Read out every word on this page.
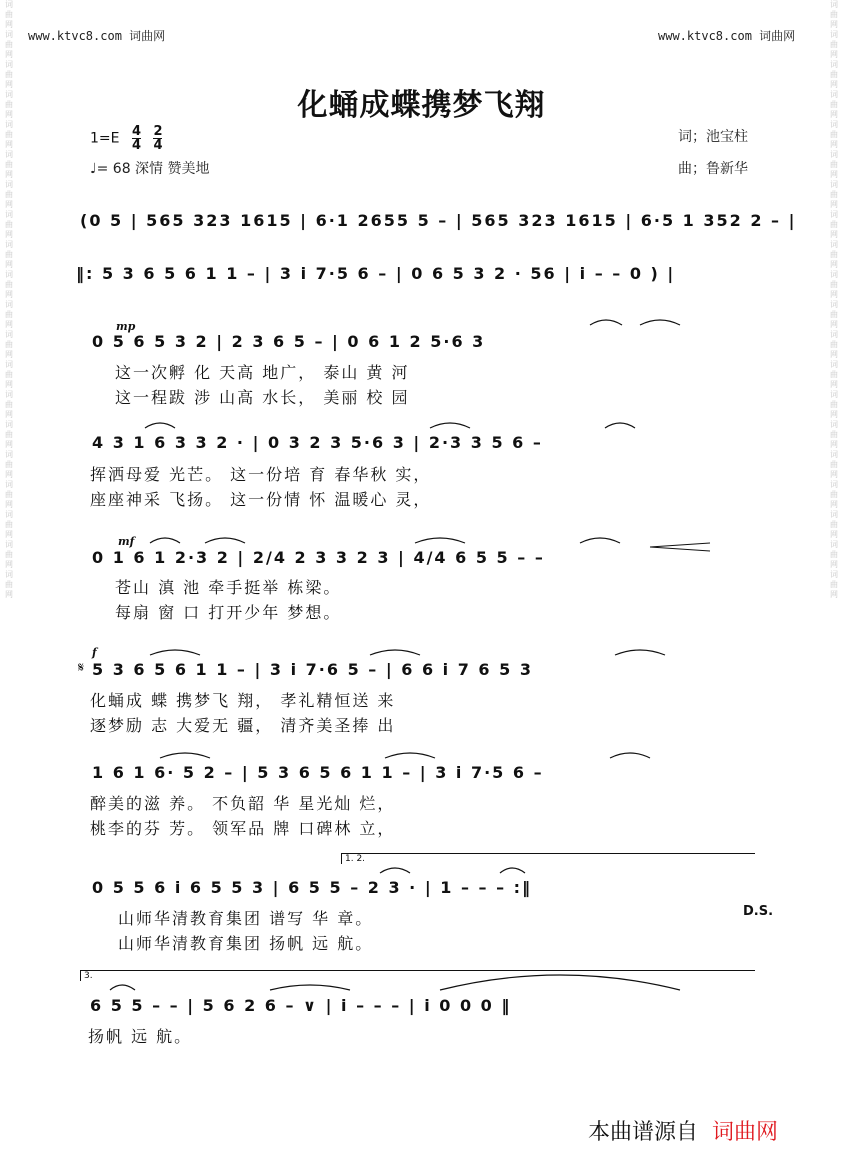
词曲网
词曲网
词曲网
词曲网
词曲网
词曲网
词曲网
词曲网
词曲网
词曲网
词曲网
词曲网
词曲网
词曲网
词曲网
词曲网
词曲网
词曲网
词曲网
词曲网
词曲网
词曲网
词曲网
词曲网
词曲网
词曲网
词曲网
词曲网
词曲网
词曲网
词曲网
词曲网
词曲网
词曲网
词曲网
词曲网
词曲网
词曲网
词曲网
词曲网
www.ktvc8.com 词曲网	www.ktvc8.com 词曲网
化蛹成蝶携梦飞翔
$1=E \frac{4}{4}$
$\frac{2}{4}$
♩= 68 深情 赞美地
词；池宝柱
曲；鲁新华
(0 5 | 565 323 1615 | 6·1 2655 5 – | 565 323 1615 | 6·5 1 352 2 – |
‖: 5 3 6 5 6 1 1 – | 3 i 7·5 6 – | 0 6 5 3 2 · 56 | i – – 0 ) |
mp
0 5 6 5 3 2 | 2 3 6 5 – | 0 6 1 2 5·6 3
这一次孵 化 天高 地广， 泰山 黄 河
这一程跋 涉 山高 水长， 美丽 校 园
4 3 1 6 3 3 2 · | 0 3 2 3 5·6 3 | 2·3 3 5 6 –
挥洒母爱 光芒。 这一份培 育 春华秋 实，
座座神采 飞扬。 这一份情 怀 温暖心 灵，
mf
0 1 6 1 2·3 2 | 2/4 2 3 3 2 3 | 4/4 6 5 5 – –
苍山 滇 池 牵手挺举 栋梁。
每扇 窗 口 打开少年 梦想。
f
𝄋 5 3 6 5 6 1 1 – | 3 i 7·6 5 – | 6 6 i 7 6 5 3
化蛹成 蝶 携梦飞 翔， 孝礼精恒送 来
逐梦励 志 大爱无 疆， 清齐美圣捧 出
1 6 1 6· 5 2 – | 5 3 6 5 6 1 1 – | 3 i 7·5 6 –
醉美的滋 养。 不负韶 华 星光灿 烂，
桃李的芬 芳。 领军品 牌 口碑林 立，
1. 2.
0 5 5 6 i 6 5 5 3 | 6 5 5 – 2 3 · | 1 – – – :‖
山师华清教育集团 谱写 华 章。
山师华清教育集团 扬帆 远 航。
D.S.
3.
6 5 5 – – | 5 6 2 6 – ∨ | i – – – | i 0 0 0 ‖
扬帆 远 航。
本曲谱源自 词曲网
